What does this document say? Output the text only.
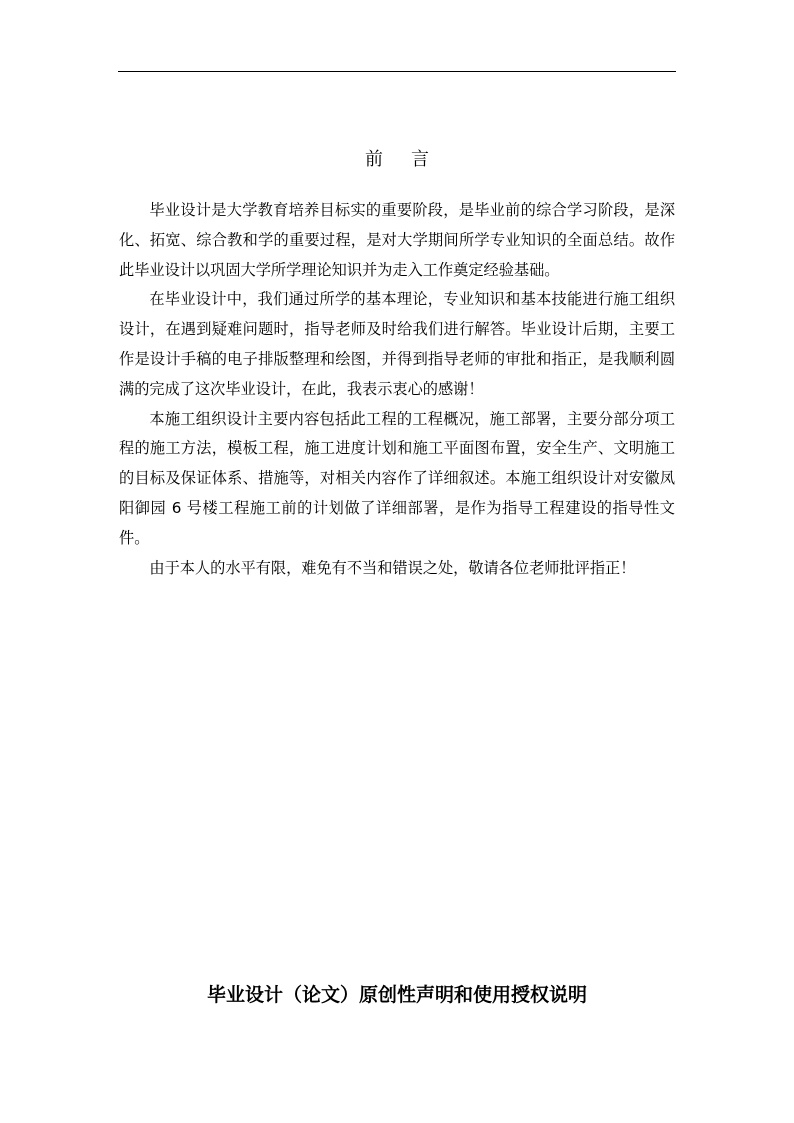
前 言

毕业设计是大学教育培养目标实的重要阶段，是毕业前的综合学习阶段，是深化、拓宽、综合教和学的重要过程，是对大学期间所学专业知识的全面总结。故作此毕业设计以巩固大学所学理论知识并为走入工作奠定经验基础。

在毕业设计中，我们通过所学的基本理论，专业知识和基本技能进行施工组织设计，在遇到疑难问题时，指导老师及时给我们进行解答。毕业设计后期，主要工作是设计手稿的电子排版整理和绘图，并得到指导老师的审批和指正，是我顺利圆满的完成了这次毕业设计，在此，我表示衷心的感谢！

本施工组织设计主要内容包括此工程的工程概况，施工部署，主要分部分项工程的施工方法，模板工程，施工进度计划和施工平面图布置，安全生产、文明施工的目标及保证体系、措施等，对相关内容作了详细叙述。本施工组织设计对安徽凤阳御园 6 号楼工程施工前的计划做了详细部署，是作为指导工程建设的指导性文件。

由于本人的水平有限，难免有不当和错误之处，敬请各位老师批评指正！

毕业设计（论文）原创性声明和使用授权说明
